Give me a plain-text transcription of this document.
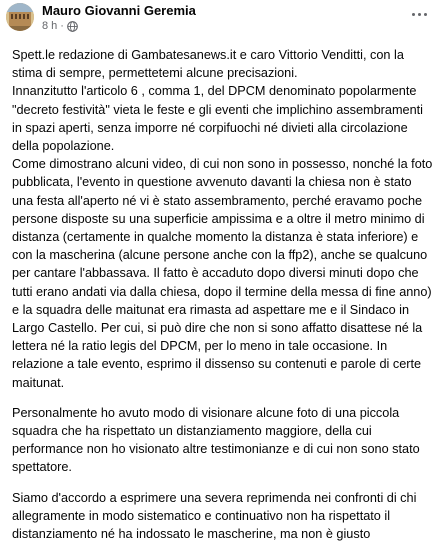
Mauro Giovanni Geremia
8 h ·

Spett.le redazione di Gambatesanews.it e caro Vittorio Venditti, con la stima di sempre, permettetemi alcune precisazioni.

Innanzitutto l'articolo 6 , comma 1, del DPCM denominato popolarmente "decreto festività" vieta le feste e gli eventi che implichino assembramenti in spazi aperti, senza imporre né corpifuochi né divieti alla circolazione della popolazione.

Come dimostrano alcuni video, di cui non sono in possesso, nonché la foto pubblicata, l'evento in questione avvenuto davanti la chiesa non è stato una festa all'aperto né vi è stato assembramento, perché eravamo poche persone disposte su una superficie ampissima e a oltre il metro minimo di distanza (certamente in qualche momento la distanza è stata inferiore) e con la mascherina (alcune persone anche con la ffp2), anche se qualcuno per cantare l'abbassava. Il fatto è accaduto dopo diversi minuti dopo che tutti erano andati via dalla chiesa, dopo il termine della messa di fine anno) e la squadra delle maitunat era rimasta ad aspettare me e il Sindaco in Largo Castello. Per cui, si può dire che non si sono affatto disattese né la lettera né la ratio legis del DPCM, per lo meno in tale occasione. In relazione a tale evento, esprimo il dissenso su contenuti e parole di certe maitunat.

Personalmente ho avuto modo di visionare alcune foto di una piccola squadra che ha rispettato un distanziamento maggiore, della cui performance non ho visionato altre testimonianze e di cui non sono stato spettatore.

Siamo d'accordo a esprimere una severa reprimenda nei confronti di chi allegramente in modo sistematico e continuativo non ha rispettato il distanziamento né ha indossato le mascherine, ma non è giusto
